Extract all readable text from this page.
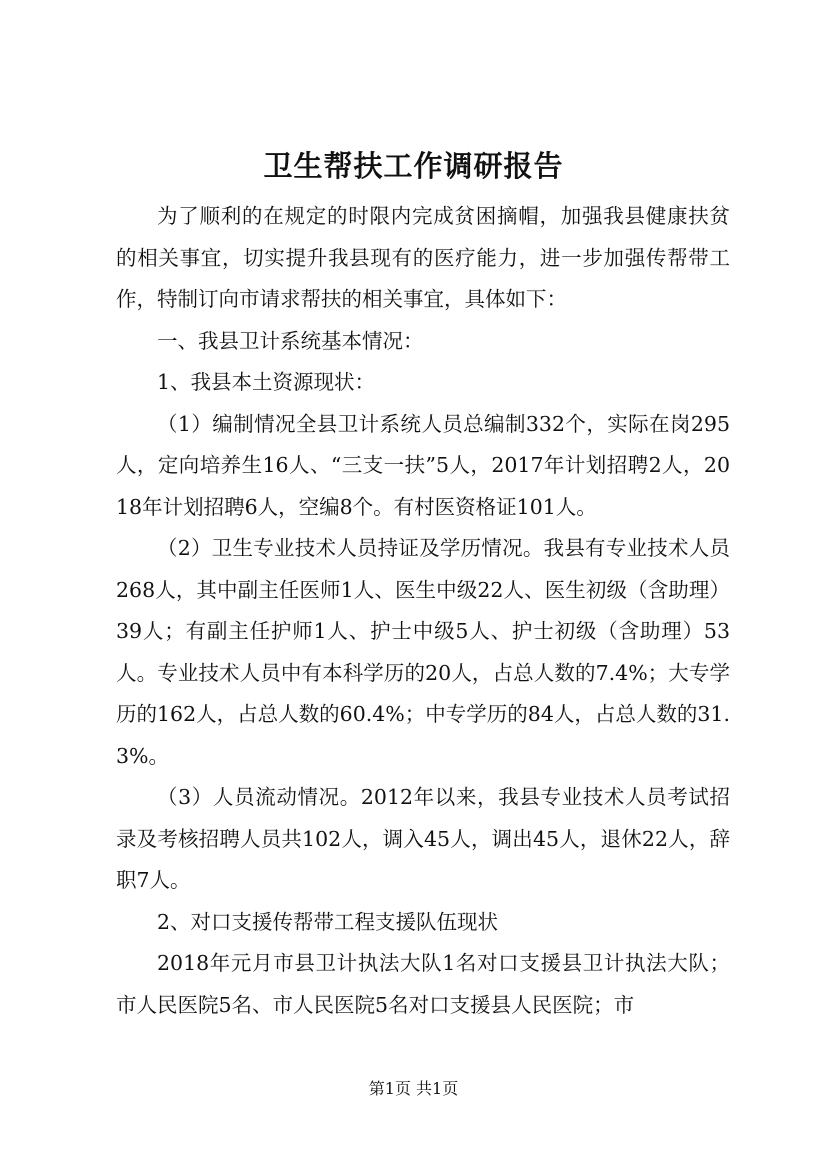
卫生帮扶工作调研报告

为了顺利的在规定的时限内完成贫困摘帽，加强我县健康扶贫的相关事宜，切实提升我县现有的医疗能力，进一步加强传帮带工作，特制订向市请求帮扶的相关事宜，具体如下：

一、我县卫计系统基本情况：

1、我县本土资源现状：

（1）编制情况全县卫计系统人员总编制332个，实际在岗295人，定向培养生16人、“三支一扶”5人，2017年计划招聘2人，2018年计划招聘6人，空编8个。有村医资格证101人。

（2）卫生专业技术人员持证及学历情况。我县有专业技术人员268人，其中副主任医师1人、医生中级22人、医生初级（含助理）39人；有副主任护师1人、护士中级5人、护士初级（含助理）53人。专业技术人员中有本科学历的20人，占总人数的7.4%；大专学历的162人，占总人数的60.4%；中专学历的84人，占总人数的31.3%。

（3）人员流动情况。2012年以来，我县专业技术人员考试招录及考核招聘人员共102人，调入45人，调出45人，退休22人，辞职7人。

2、对口支援传帮带工程支援队伍现状

2018年元月市县卫计执法大队1名对口支援县卫计执法大队；市人民医院5名、市人民医院5名对口支援县人民医院；市

第1页 共1页
